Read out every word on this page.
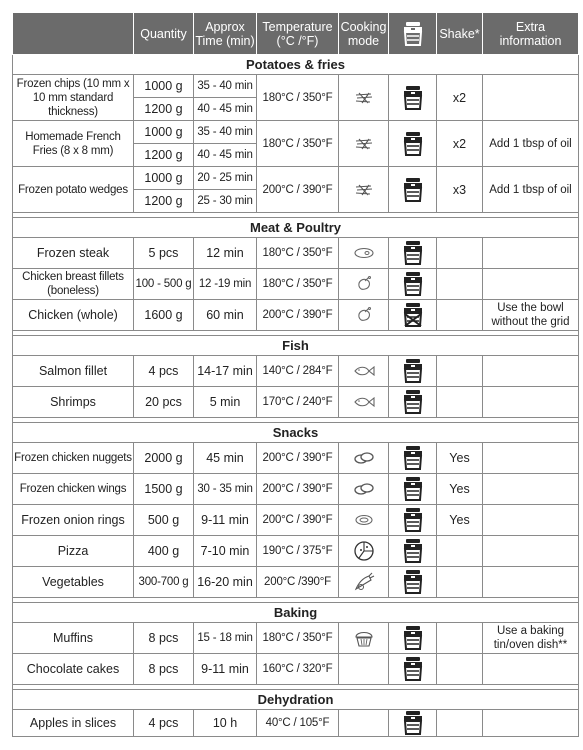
	Quantity	Approx Time (min)	Temperature (°C /°F)	Cooking mode		Shake*	Extra information
Potatoes & fries							
Frozen chips (10 mm x 10 mm standard thickness)	1000 g	35 - 40 min	180°C / 350°F			x2	
	1200 g	40 - 45 min					
Homemade French Fries (8 x 8 mm)	1000 g	35 - 40 min	180°C / 350°F			x2	Add 1 tbsp of oil
	1200 g	40 - 45 min					
Frozen potato wedges	1000 g	20 - 25 min	200°C / 390°F			x3	Add 1 tbsp of oil
	1200 g	25 - 30 min					

Meat & Poultry							
Frozen steak	5 pcs	12 min	180°C / 350°F	

Chicken breast fillets (boneless)	100 - 500 g	12 -19 min	180°C / 350°F	

Chicken (whole)	1600 g	60 min	200°C / 390°F				Use the bowl without the grid

Fish							
Salmon fillet	4 pcs	14-17 min	140°C / 284°F	

Shrimps	20 pcs	5 min	170°C / 240°F	

Snacks							
Frozen chicken nuggets	2000 g	45 min	200°C / 390°F			Yes	
Frozen chicken wings	1500 g	30 - 35 min	200°C / 390°F			Yes	
Frozen onion rings	500 g	9-11 min	200°C / 390°F			Yes	
Pizza	400 g	7-10 min	190°C / 375°F	

Vegetables	300-700 g	16-20 min	200°C /390°F	

Baking							
Muffins	8 pcs	15 - 18 min	180°C / 350°F				Use a baking tin/oven dish**
Chocolate cakes	8 pcs	9-11 min	160°C / 320°F		

Dehydration							
Apples in slices	4 pcs	10 h	40°C / 105°F		
